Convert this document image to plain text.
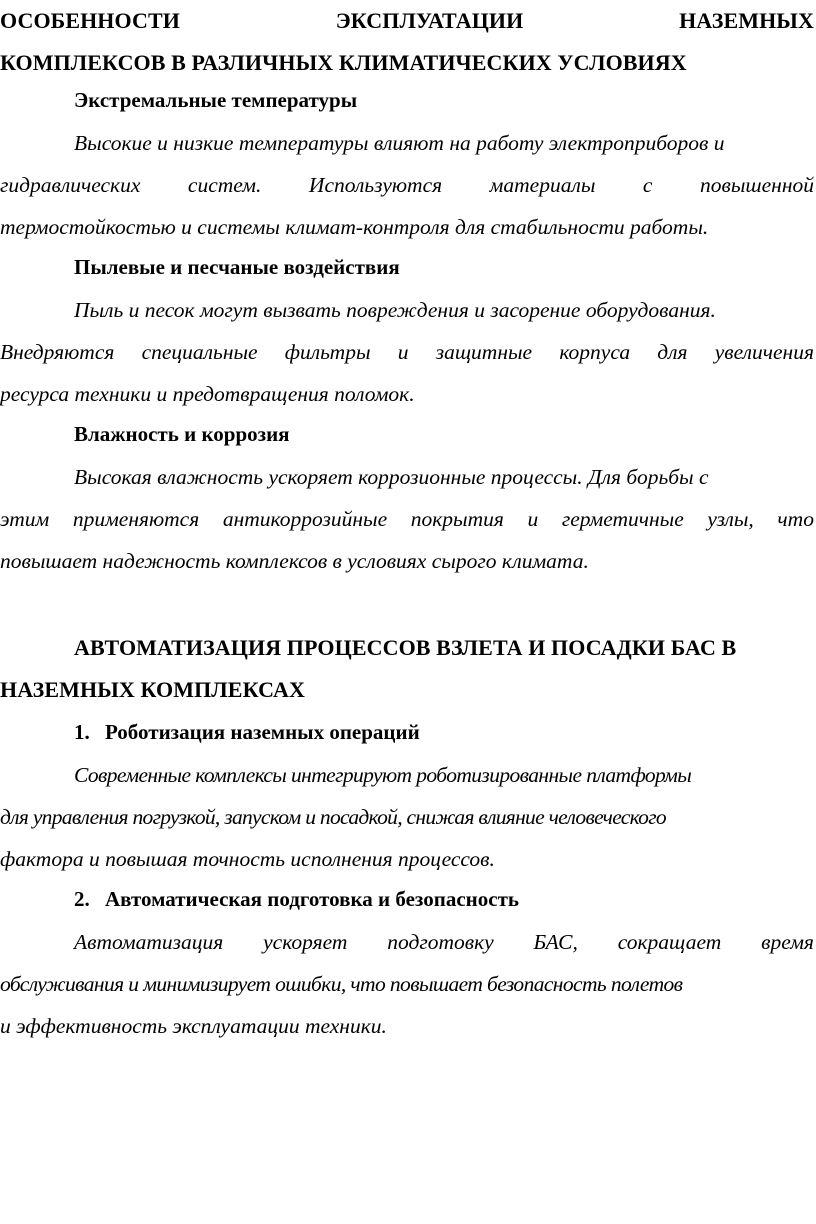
ОСОБЕННОСТИ	ЭКСПЛУАТАЦИИ	НАЗЕМНЫХ
КОМПЛЕКСОВ В РАЗЛИЧНЫХ КЛИМАТИЧЕСКИХ УСЛОВИЯХ
Экстремальные температуры
Высокие и низкие температуры влияют на работу электроприборов и
гидравлических систем. Используются материалы с повышенной
термостойкостью и системы климат-контроля для стабильности работы.
Пылевые и песчаные воздействия
Пыль и песок могут вызвать повреждения и засорение оборудования.
Внедряются специальные фильтры и защитные корпуса для увеличения
ресурса техники и предотвращения поломок.
Влажность и коррозия
Высокая влажность ускоряет коррозионные процессы. Для борьбы с
этим применяются антикоррозийные покрытия и герметичные узлы, что
повышает надежность комплексов в условиях сырого климата.
АВТОМАТИЗАЦИЯ ПРОЦЕССОВ ВЗЛЕТА И ПОСАДКИ БАС В
НАЗЕМНЫХ КОМПЛЕКСАХ
1. Роботизация наземных операций
Современные комплексы интегрируют роботизированные платформы
для управления погрузкой, запуском и посадкой, снижая влияние человеческого
фактора и повышая точность исполнения процессов.
2. Автоматическая подготовка и безопасность
Автоматизация ускоряет подготовку БАС, сокращает время
обслуживания и минимизирует ошибки, что повышает безопасность полетов
и эффективность эксплуатации техники.
